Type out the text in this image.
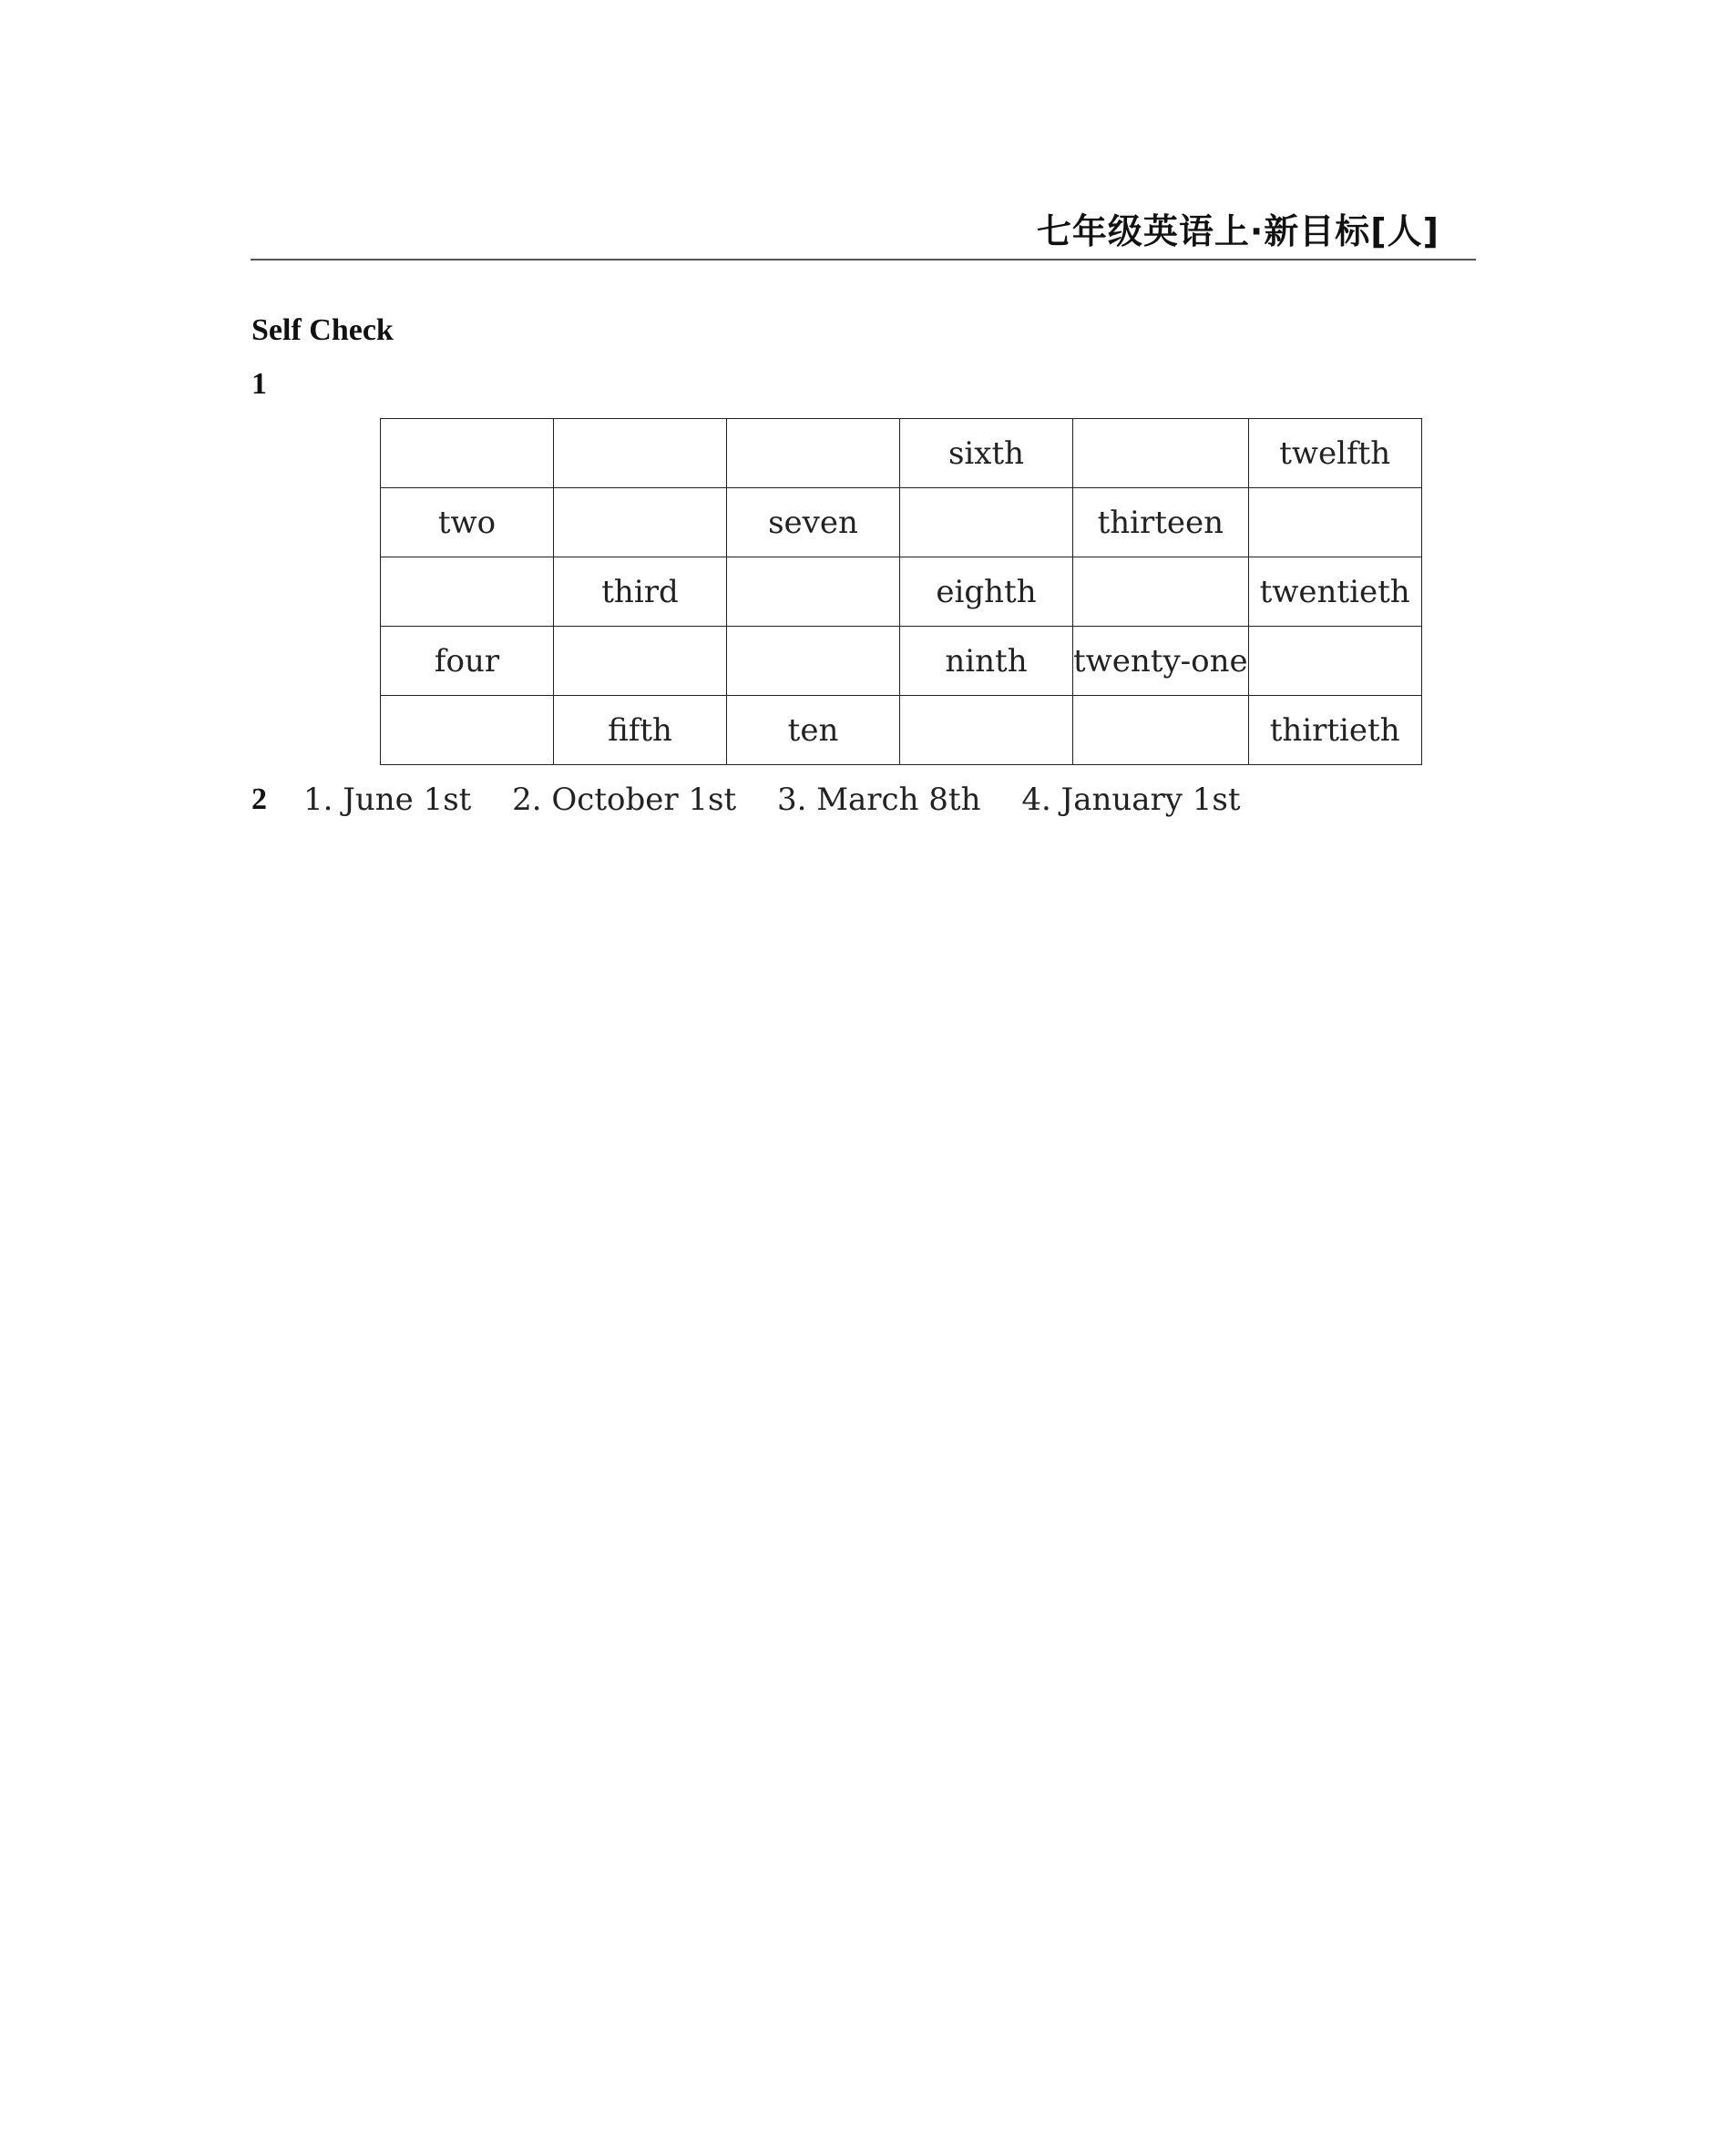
七年级英语上·新目标[人]
Self Check
1
			sixth		twelfth
two		seven		thirteen	
	third		eighth		twentieth
four			ninth	twenty-one	
	fifth	ten			thirtieth
2 1. June 1st 2. October 1st 3. March 8th 4. January 1st
